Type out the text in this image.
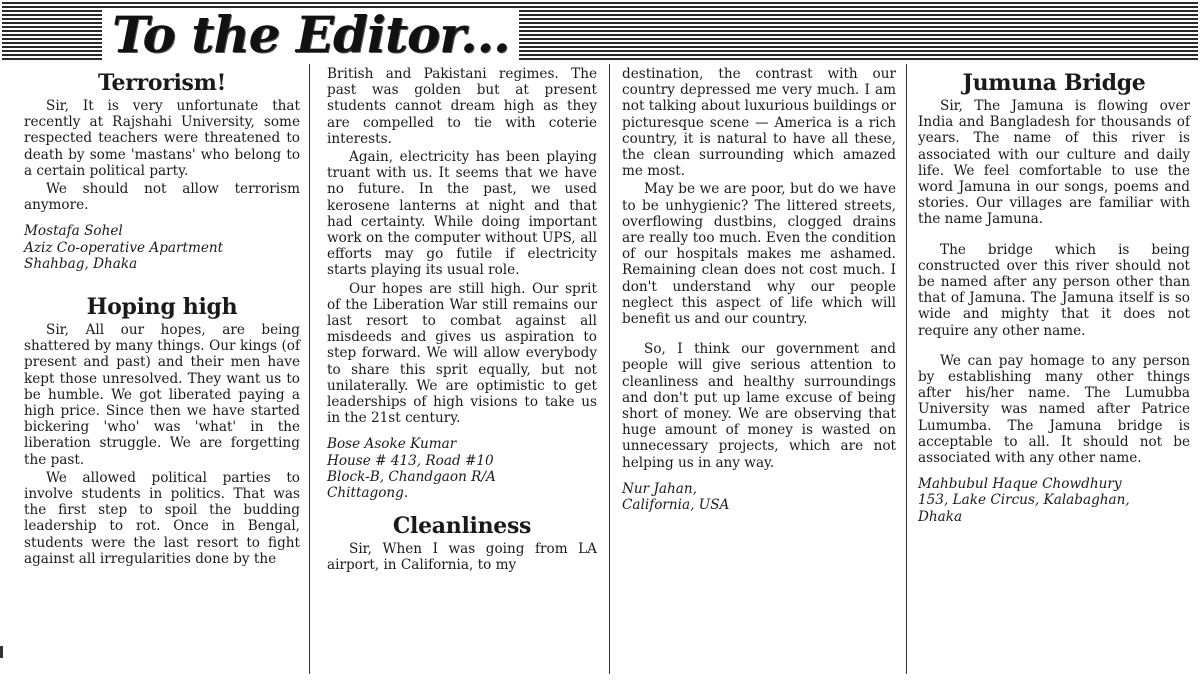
To the Editor...
Terrorism!

Sir, It is very unfortunate that recently at Rajshahi University, some respected teachers were threatened to death by some 'mastans' who belong to a certain political party.

We should not allow terrorism anymore.

Mostafa Sohel
Aziz Co-operative Apartment
Shahbag, Dhaka
Hoping high

Sir, All our hopes, are being shattered by many things. Our kings (of present and past) and their men have kept those unresolved. They want us to be humble. We got liberated paying a high price. Since then we have started bickering 'who' was 'what' in the liberation struggle. We are forgetting the past.

We allowed political parties to involve students in politics. That was the first step to spoil the budding leadership to rot. Once in Bengal, students were the last resort to fight against all irregularities done by the

British and Pakistani regimes. The past was golden but at present students cannot dream high as they are compelled to tie with coterie interests.

Again, electricity has been playing truant with us. It seems that we have no future. In the past, we used kerosene lanterns at night and that had certainty. While doing important work on the computer without UPS, all efforts may go futile if electricity starts playing its usual role.

Our hopes are still high. Our sprit of the Liberation War still remains our last resort to combat against all misdeeds and gives us aspiration to step forward. We will allow everybody to share this sprit equally, but not unilaterally. We are optimistic to get leaderships of high visions to take us in the 21st century.

Bose Asoke Kumar
House # 413, Road #10
Block-B, Chandgaon R/A
Chittagong.
Cleanliness

Sir, When I was going from LA airport, in California, to my

destination, the contrast with our country depressed me very much. I am not talking about luxurious buildings or picturesque scene — America is a rich country, it is natural to have all these, the clean surrounding which amazed me most.

May be we are poor, but do we have to be unhygienic? The littered streets, overflowing dustbins, clogged drains are really too much. Even the condition of our hospitals makes me ashamed. Remaining clean does not cost much. I don't understand why our people neglect this aspect of life which will benefit us and our country.

So, I think our government and people will give serious attention to cleanliness and healthy surroundings and don't put up lame excuse of being short of money. We are observing that huge amount of money is wasted on unnecessary projects, which are not helping us in any way.

Nur Jahan,
California, USA
Jumuna Bridge

Sir, The Jamuna is flowing over India and Bangladesh for thousands of years. The name of this river is associated with our culture and daily life. We feel comfortable to use the word Jamuna in our songs, poems and stories. Our villages are familiar with the name Jamuna.

The bridge which is being constructed over this river should not be named after any person other than that of Jamuna. The Jamuna itself is so wide and mighty that it does not require any other name.

We can pay homage to any person by establishing many other things after his/her name. The Lumubba University was named after Patrice Lumumba. The Jamuna bridge is acceptable to all. It should not be associated with any other name.

Mahbubul Haque Chowdhury
153, Lake Circus, Kalabaghan,
Dhaka
